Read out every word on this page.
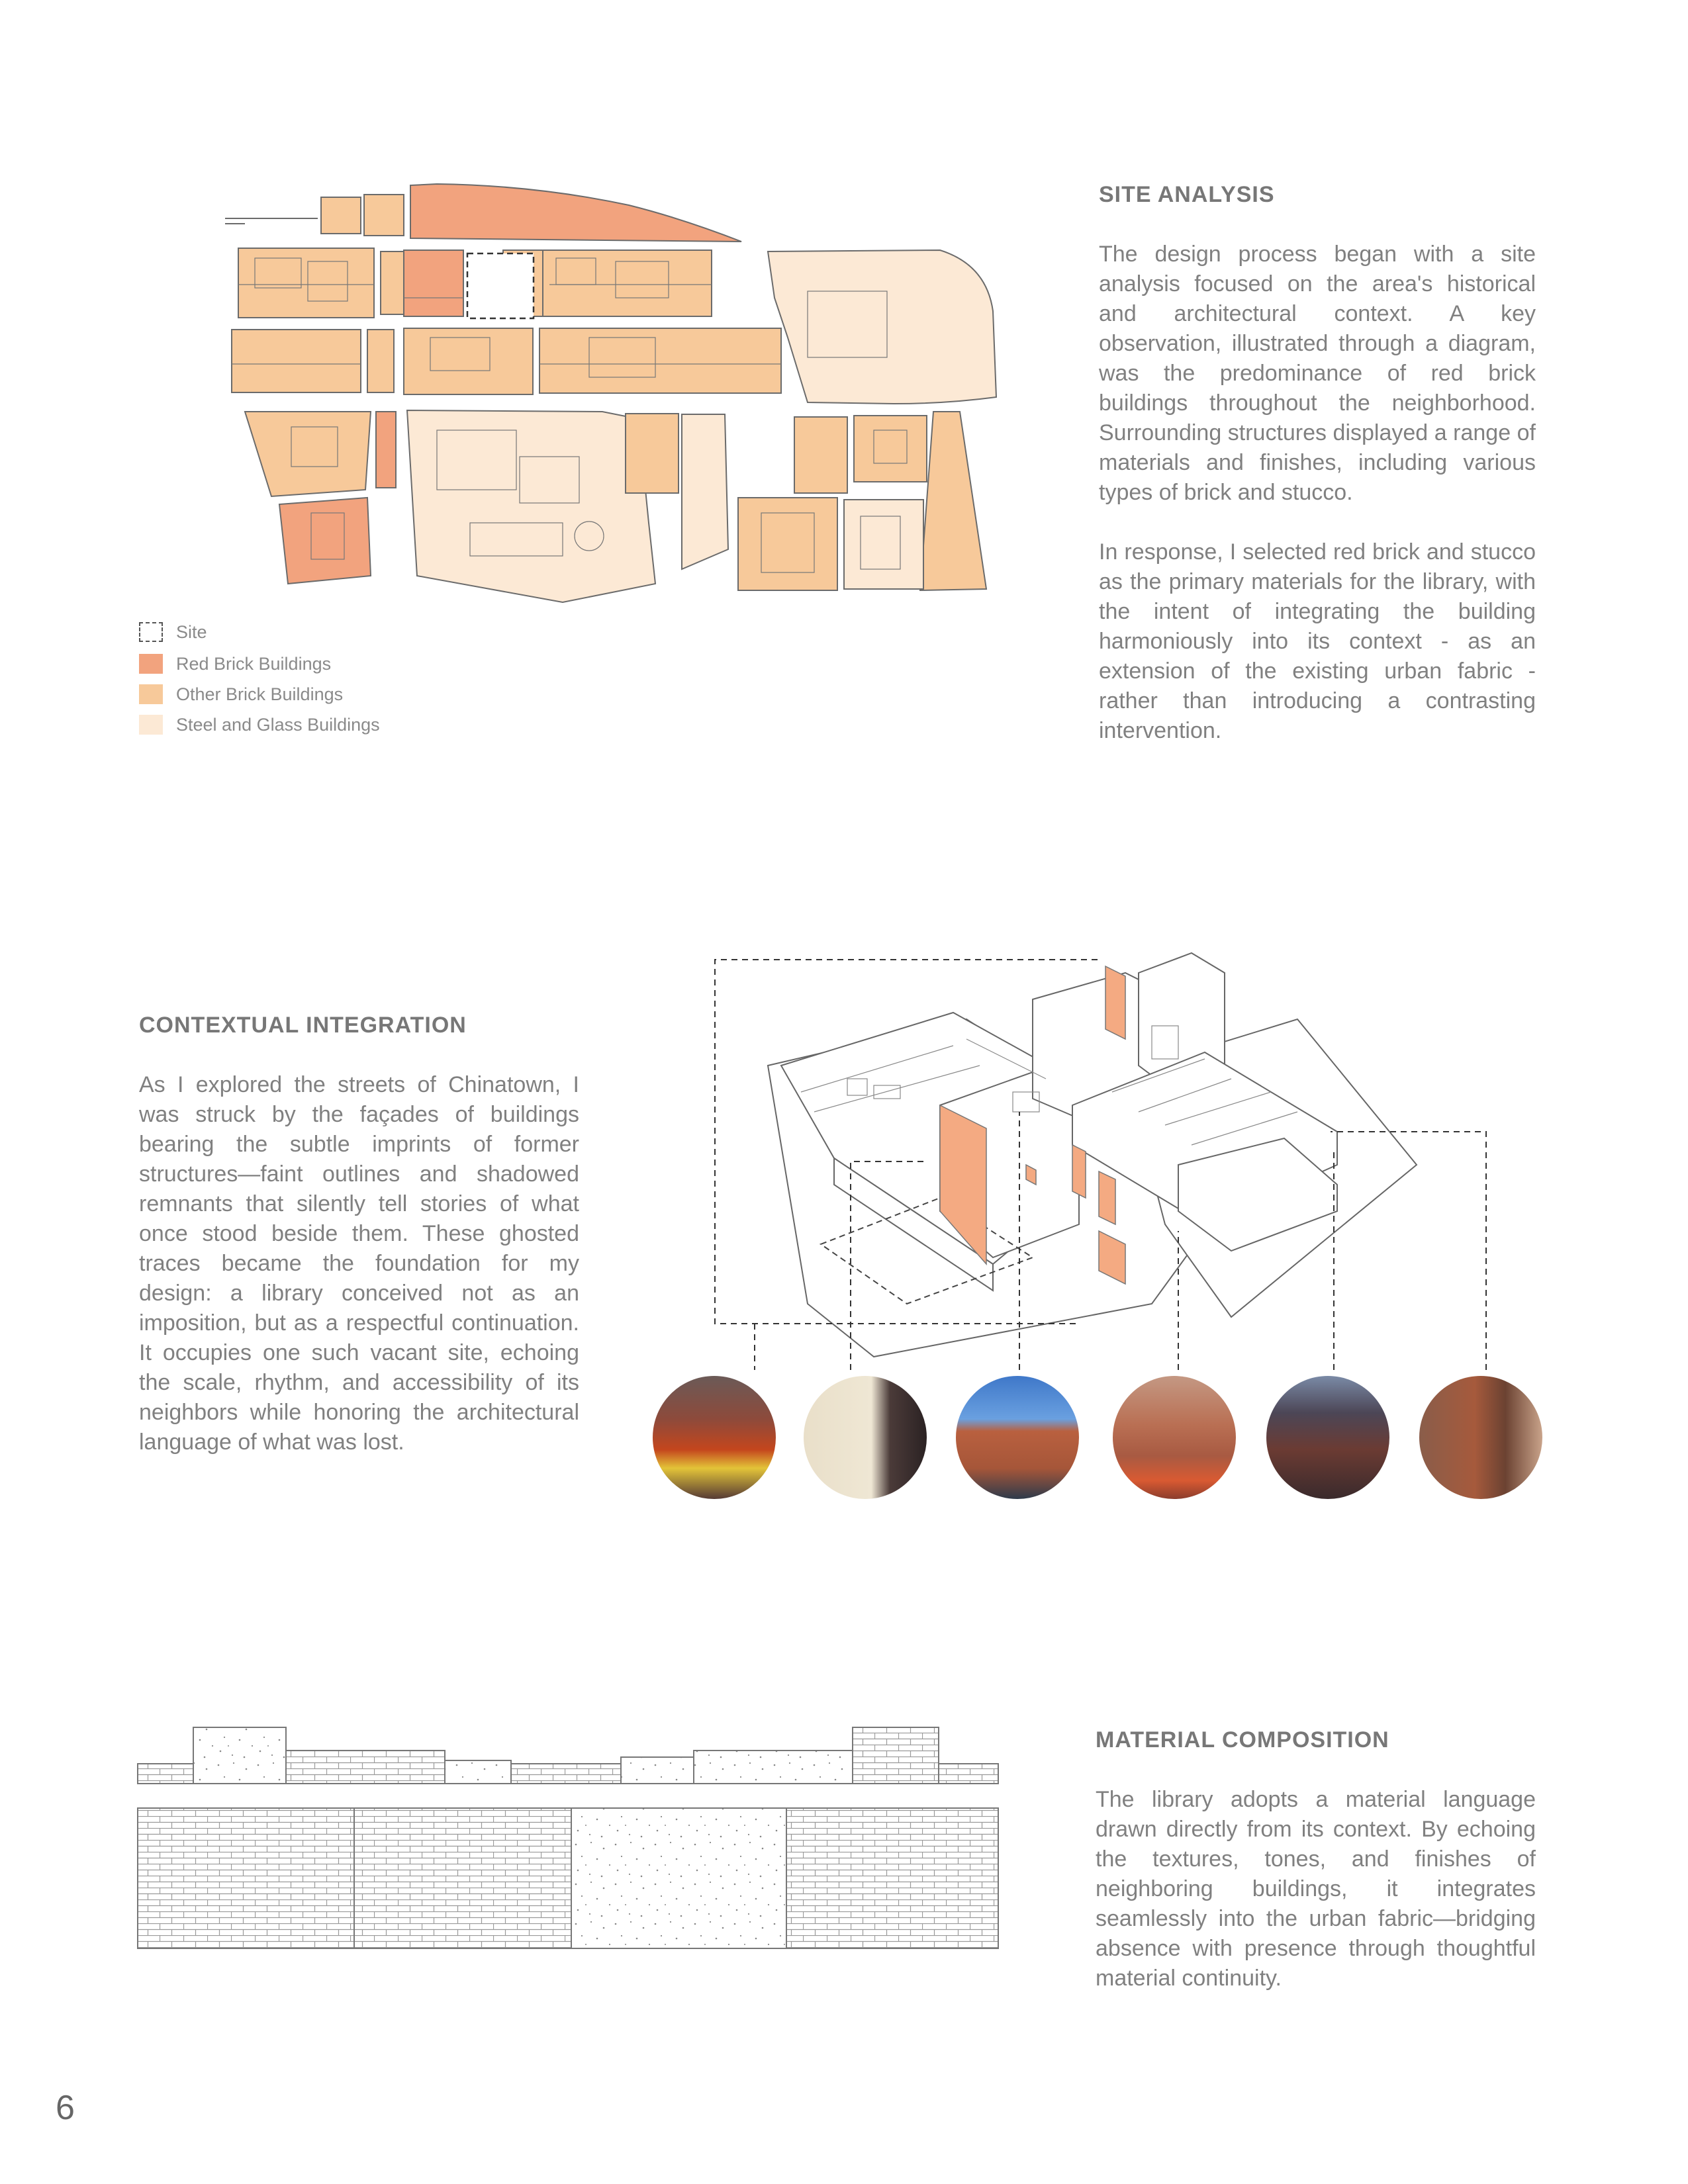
Site
Red Brick Buildings
Other Brick Buildings
Steel and Glass Buildings
SITE ANALYSIS

The design process began with a site analysis focused on the area's historical and architectural context. A key observation, illustrated through a diagram, was the predominance of red brick buildings throughout the neighborhood. Surrounding structures displayed a range of materials and finishes, including various types of brick and stucco.

In response, I selected red brick and stucco as the primary materials for the library, with the intent of integrating the building harmoniously into its context - as an extension of the existing urban fabric - rather than introducing a contrasting intervention.

CONTEXTUAL INTEGRATION

As I explored the streets of Chinatown, I was struck by the façades of buildings bearing the subtle imprints of former structures—faint outlines and shadowed remnants that silently tell stories of what once stood beside them. These ghosted traces became the foundation for my design: a library conceived not as an imposition, but as a respectful continuation. It occupies one such vacant site, echoing the scale, rhythm, and accessibility of its neighbors while honoring the architectural language of what was lost.

MATERIAL COMPOSITION

The library adopts a material language drawn directly from its context. By echoing the textures, tones, and finishes of neighboring buildings, it integrates seamlessly into the urban fabric—bridging absence with presence through thoughtful material continuity.

6
